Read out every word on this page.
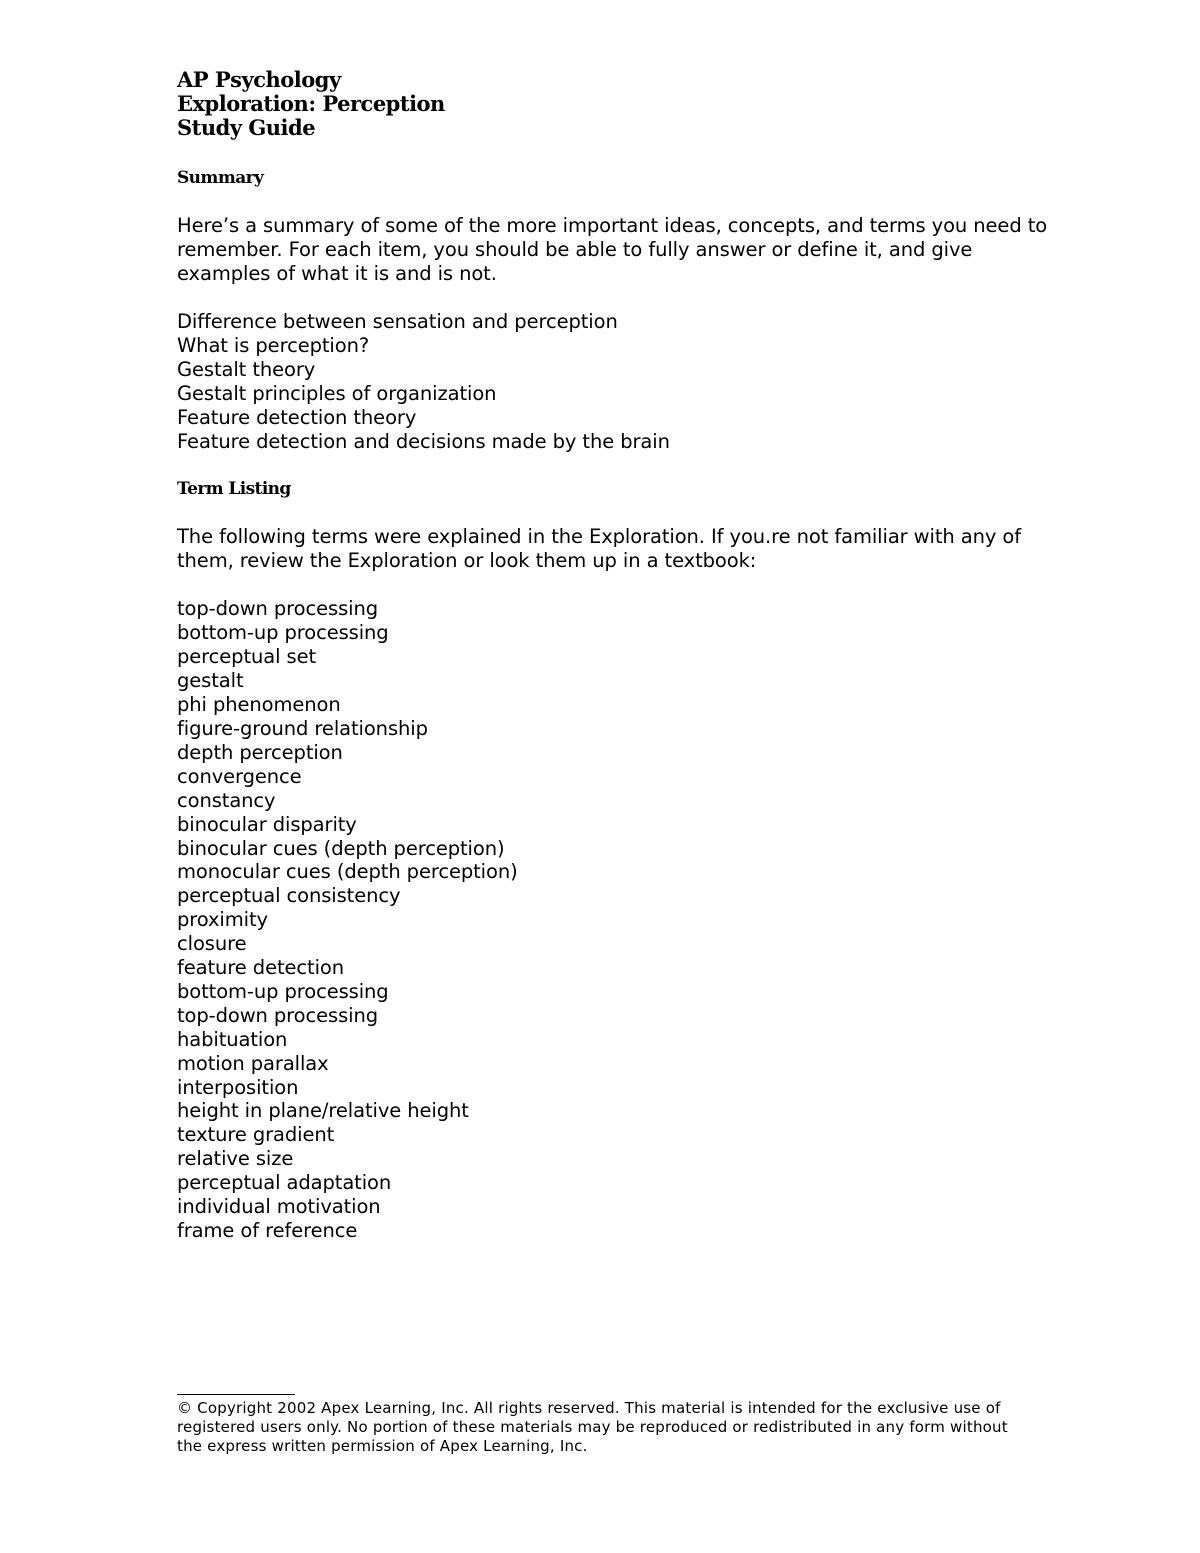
AP Psychology
Exploration: Perception
Study Guide
Summary

Here’s a summary of some of the more important ideas, concepts, and terms you need to remember. For each item, you should be able to fully answer or define it, and give examples of what it is and is not.

Difference between sensation and perception
What is perception?
Gestalt theory
Gestalt principles of organization
Feature detection theory
Feature detection and decisions made by the brain
Term Listing

The following terms were explained in the Exploration. If you.re not familiar with any of them, review the Exploration or look them up in a textbook:

top-down processing
bottom-up processing
perceptual set
gestalt
phi phenomenon
figure-ground relationship
depth perception
convergence
constancy
binocular disparity
binocular cues (depth perception)
monocular cues (depth perception)
perceptual consistency
proximity
closure
feature detection
bottom-up processing
top-down processing
habituation
motion parallax
interposition
height in plane/relative height
texture gradient
relative size
perceptual adaptation
individual motivation
frame of reference

© Copyright 2002 Apex Learning, Inc. All rights reserved. This material is intended for the exclusive use of registered users only. No portion of these materials may be reproduced or redistributed in any form without the express written permission of Apex Learning, Inc.
